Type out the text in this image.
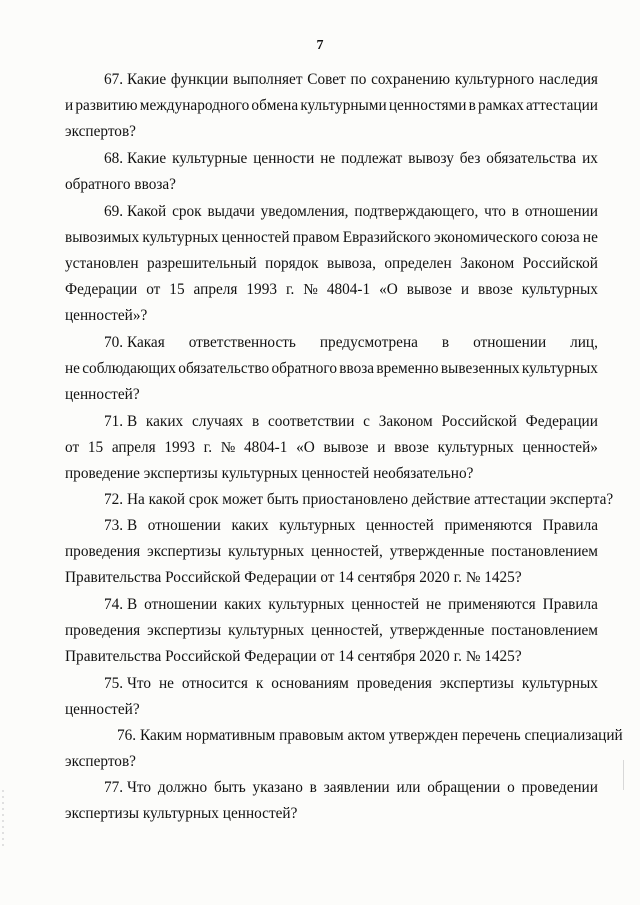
7
67. Какие функции выполняет Совет по сохранению культурного наследия
и развитию международного обмена культурными ценностями в рамках аттестации
экспертов?
68. Какие культурные ценности не подлежат вывозу без обязательства их
обратного ввоза?
69. Какой срок выдачи уведомления, подтверждающего, что в отношении
вывозимых культурных ценностей правом Евразийского экономического союза не
установлен разрешительный порядок вывоза, определен Законом Российской
Федерации от 15 апреля 1993 г. № 4804-1 «О вывозе и ввозе культурных
ценностей»?
70. Какая ответственность предусмотрена в отношении лиц,
не соблюдающих обязательство обратного ввоза временно вывезенных культурных
ценностей?
71. В каких случаях в соответствии с Законом Российской Федерации
от 15 апреля 1993 г. № 4804-1 «О вывозе и ввозе культурных ценностей»
проведение экспертизы культурных ценностей необязательно?
72. На какой срок может быть приостановлено действие аттестации эксперта?
73. В отношении каких культурных ценностей применяются Правила
проведения экспертизы культурных ценностей, утвержденные постановлением
Правительства Российской Федерации от 14 сентября 2020 г. № 1425?
74. В отношении каких культурных ценностей не применяются Правила
проведения экспертизы культурных ценностей, утвержденные постановлением
Правительства Российской Федерации от 14 сентября 2020 г. № 1425?
75. Что не относится к основаниям проведения экспертизы культурных
ценностей?
76. Каким нормативным правовым актом утвержден перечень специализаций
экспертов?
77. Что должно быть указано в заявлении или обращении о проведении
экспертизы культурных ценностей?
